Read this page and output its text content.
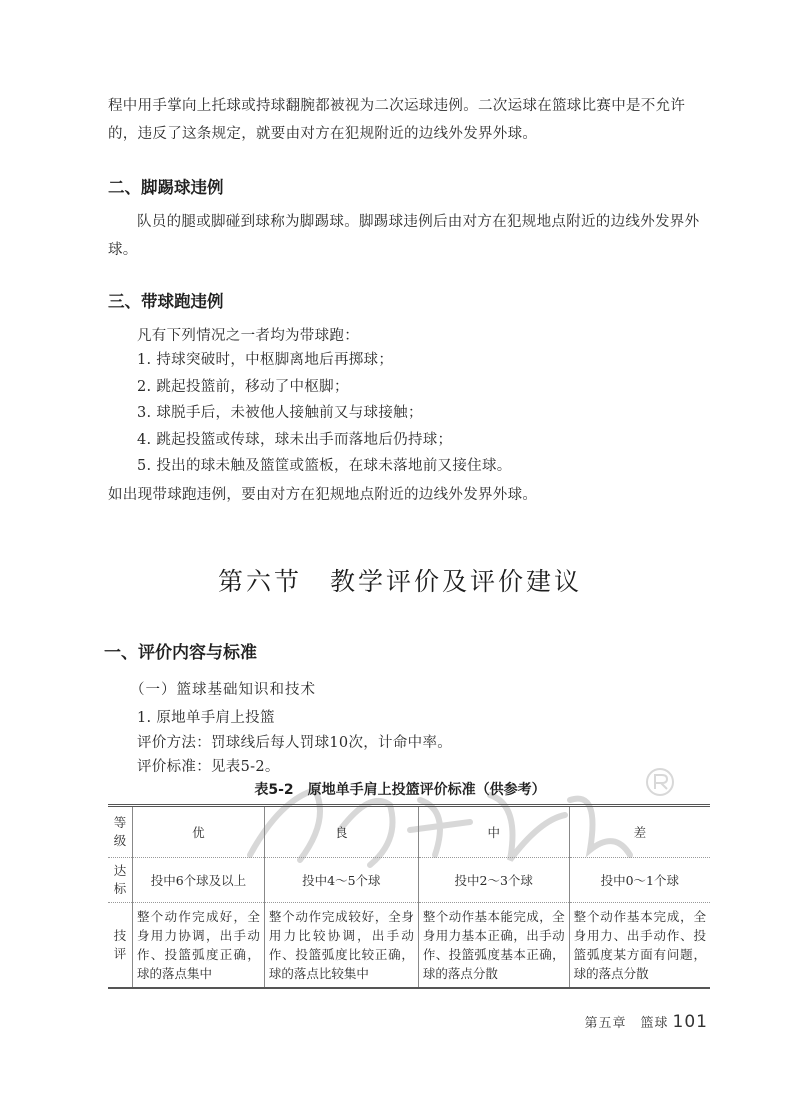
程中用手掌向上托球或持球翻腕都被视为二次运球违例。二次运球在篮球比赛中是不允许的，违反了这条规定，就要由对方在犯规附近的边线外发界外球。
二、脚踢球违例
队员的腿或脚碰到球称为脚踢球。脚踢球违例后由对方在犯规地点附近的边线外发界外球。
三、带球跑违例
凡有下列情况之一者均为带球跑：
1. 持球突破时，中枢脚离地后再掷球；
2. 跳起投篮前，移动了中枢脚；
3. 球脱手后，未被他人接触前又与球接触；
4. 跳起投篮或传球，球未出手而落地后仍持球；
5. 投出的球未触及篮筐或篮板，在球未落地前又接住球。
如出现带球跑违例，要由对方在犯规地点附近的边线外发界外球。
第六节　教学评价及评价建议
一、评价内容与标准
（一）篮球基础知识和技术
1. 原地单手肩上投篮
评价方法：罚球线后每人罚球10次，计命中率。
评价标准：见表5-2。
表5-2　原地单手肩上投篮评价标准（供参考）
等级	优	良	中	差
达标	投中6个球及以上	投中4～5个球	投中2～3个球	投中0～1个球
技评	整个动作完成好，全身用力协调，出手动作、投篮弧度正确，球的落点集中	整个动作完成较好，全身用力比较协调，出手动作、投篮弧度比较正确，球的落点比较集中	整个动作基本能完成，全身用力基本正确，出手动作、投篮弧度基本正确，球的落点分散	整个动作基本完成，全身用力、出手动作、投篮弧度某方面有问题，球的落点分散
第五章　篮球 101
